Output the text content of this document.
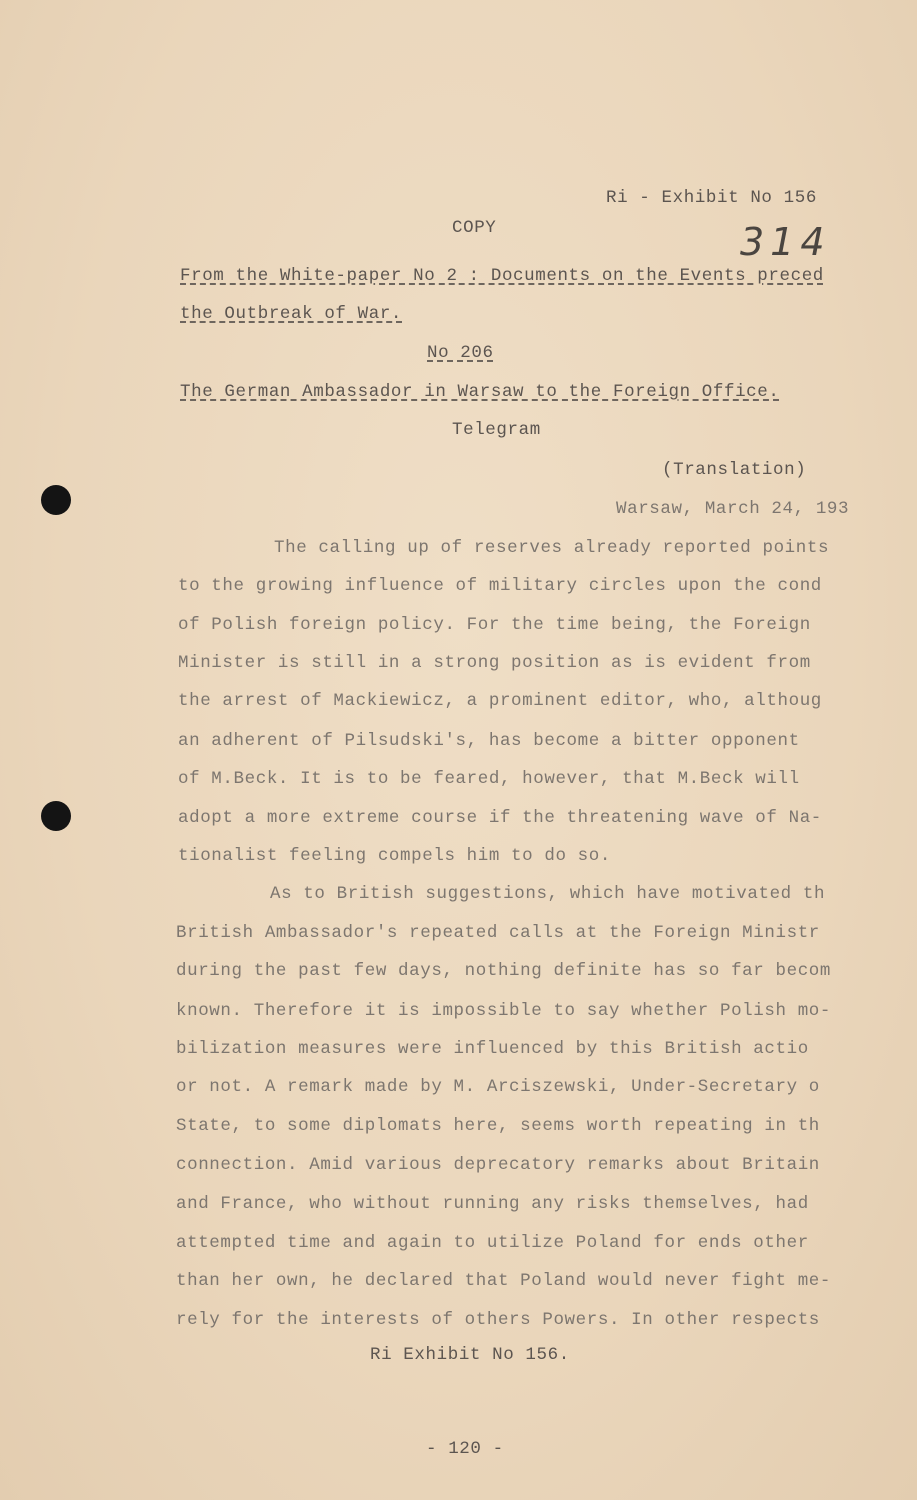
Ri - Exhibit No 156
COPY	314
From the White-paper No 2 : Documents on the Events preced
the Outbreak of War.
No 206
The German Ambassador in Warsaw to the Foreign Office.
Telegram
(Translation)
Warsaw, March 24, 193
The calling up of reserves already reported points
to the growing influence of military circles upon the cond
of Polish foreign policy. For the time being, the Foreign
Minister is still in a strong position as is evident from
the arrest of Mackiewicz, a prominent editor, who, althoug
an adherent of Pilsudski's, has become a bitter opponent
of M.Beck. It is to be feared, however, that M.Beck will
adopt a more extreme course if the threatening wave of Na-
tionalist feeling compels him to do so.
As to British suggestions, which have motivated th
British Ambassador's repeated calls at the Foreign Ministr
during the past few days, nothing definite has so far becom
known. Therefore it is impossible to say whether Polish mo-
bilization measures were influenced by this British actio
or not. A remark made by M. Arciszewski, Under-Secretary o
State, to some diplomats here, seems worth repeating in th
connection. Amid various deprecatory remarks about Britain
and France, who without running any risks themselves, had
attempted time and again to utilize Poland for ends other
than her own, he declared that Poland would never fight me-
rely for the interests of others Powers. In other respects
Ri Exhibit No 156.
- 120 -
